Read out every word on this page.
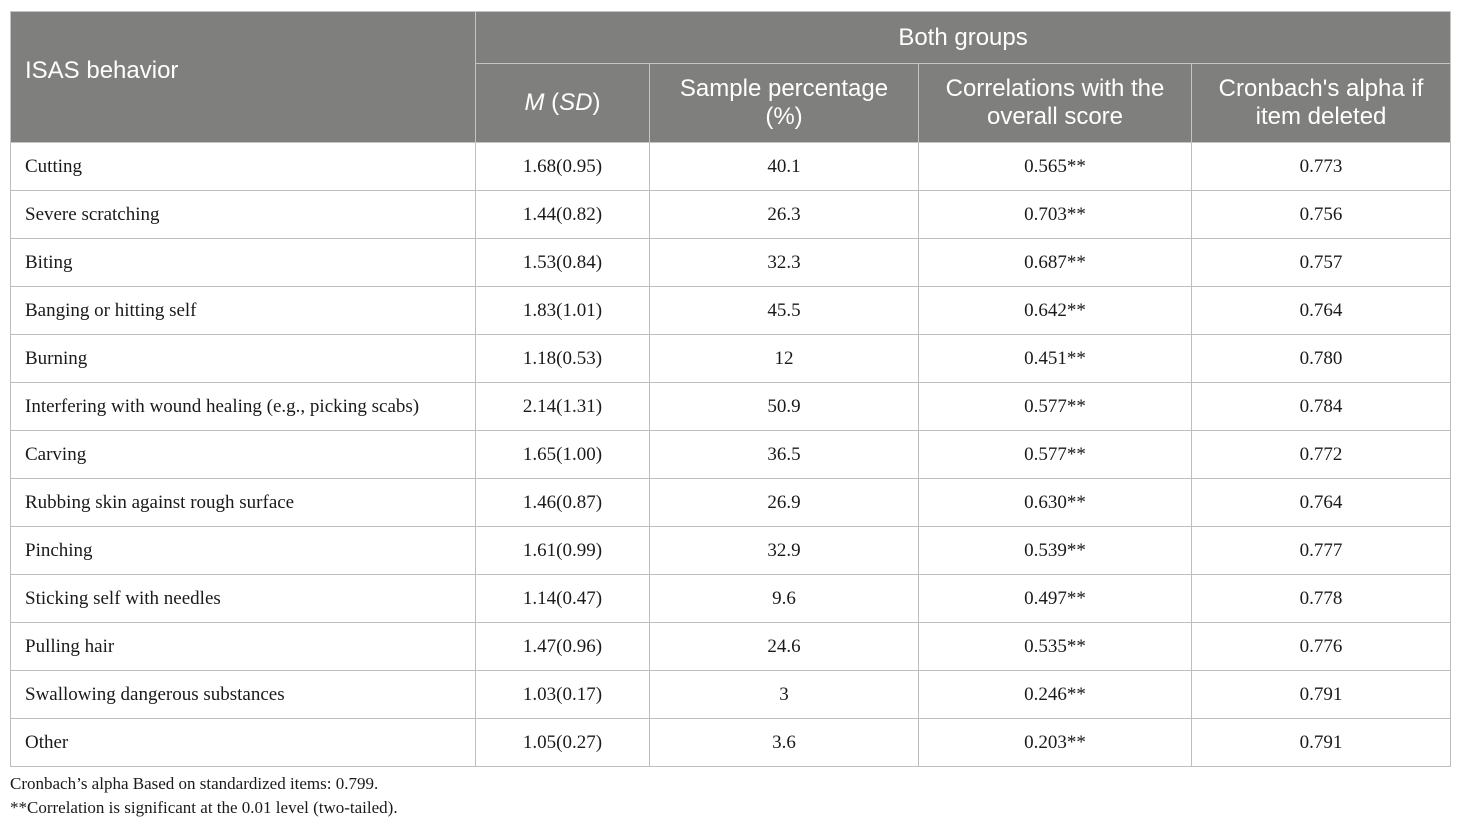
ISAS behavior	Both groups			
	M (SD)	Sample percentage (%)	Correlations with the overall score	Cronbach's alpha if item deleted
Cutting	1.68(0.95)	40.1	0.565**	0.773
Severe scratching	1.44(0.82)	26.3	0.703**	0.756
Biting	1.53(0.84)	32.3	0.687**	0.757
Banging or hitting self	1.83(1.01)	45.5	0.642**	0.764
Burning	1.18(0.53)	12	0.451**	0.780
Interfering with wound healing (e.g., picking scabs)	2.14(1.31)	50.9	0.577**	0.784
Carving	1.65(1.00)	36.5	0.577**	0.772
Rubbing skin against rough surface	1.46(0.87)	26.9	0.630**	0.764
Pinching	1.61(0.99)	32.9	0.539**	0.777
Sticking self with needles	1.14(0.47)	9.6	0.497**	0.778
Pulling hair	1.47(0.96)	24.6	0.535**	0.776
Swallowing dangerous substances	1.03(0.17)	3	0.246**	0.791
Other	1.05(0.27)	3.6	0.203**	0.791
Cronbach’s alpha Based on standardized items: 0.799.
**Correlation is significant at the 0.01 level (two-tailed).
